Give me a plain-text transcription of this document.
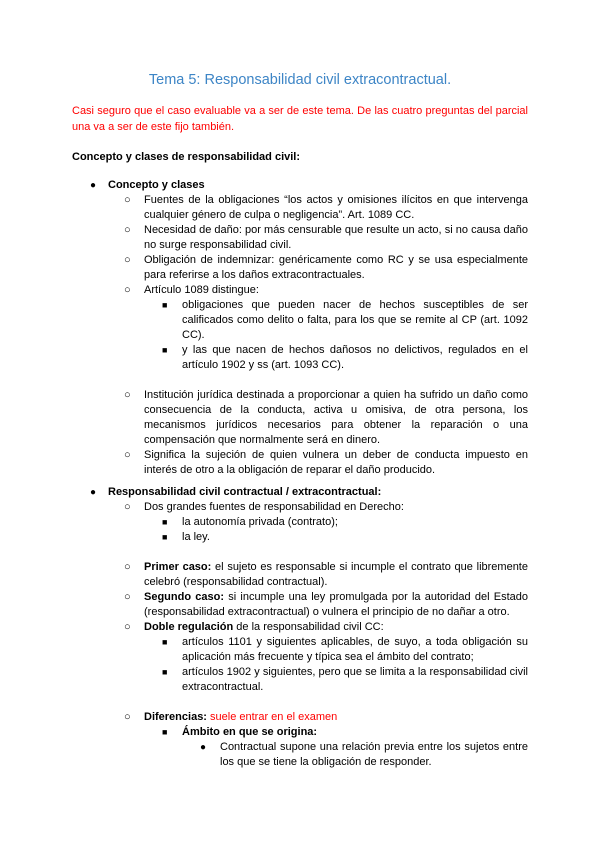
Tema 5: Responsabilidad civil extracontractual.
Casi seguro que el caso evaluable va a ser de este tema. De las cuatro preguntas del parcial una va a ser de este fijo también.
Concepto y clases de responsabilidad civil:
● Concepto y clases
○ Fuentes de la obligaciones “los actos y omisiones ilícitos en que intervenga cualquier género de culpa o negligencia”. Art. 1089 CC.
○ Necesidad de daño: por más censurable que resulte un acto, si no causa daño no surge responsabilidad civil.
○ Obligación de indemnizar: genéricamente como RC y se usa especialmente para referirse a los daños extracontractuales.
○ Artículo 1089 distingue:
■ obligaciones que pueden nacer de hechos susceptibles de ser calificados como delito o falta, para los que se remite al CP (art. 1092 CC).
■ y las que nacen de hechos dañosos no delictivos, regulados en el artículo 1902 y ss (art. 1093 CC).
○ Institución jurídica destinada a proporcionar a quien ha sufrido un daño como consecuencia de la conducta, activa u omisiva, de otra persona, los mecanismos jurídicos necesarios para obtener la reparación o una compensación que normalmente será en dinero.
○ Significa la sujeción de quien vulnera un deber de conducta impuesto en interés de otro a la obligación de reparar el daño producido.
● Responsabilidad civil contractual / extracontractual:
○ Dos grandes fuentes de responsabilidad en Derecho:
■ la autonomía privada (contrato);
■ la ley.
○ Primer caso: el sujeto es responsable si incumple el contrato que libremente celebró (responsabilidad contractual).
○ Segundo caso: si incumple una ley promulgada por la autoridad del Estado (responsabilidad extracontractual) o vulnera el principio de no dañar a otro.
○ Doble regulación de la responsabilidad civil CC:
■ artículos 1101 y siguientes aplicables, de suyo, a toda obligación su aplicación más frecuente y típica sea el ámbito del contrato;
■ artículos 1902 y siguientes, pero que se limita a la responsabilidad civil extracontractual.
○ Diferencias: suele entrar en el examen
■ Ámbito en que se origina:
● Contractual supone una relación previa entre los sujetos entre los que se tiene la obligación de responder.
